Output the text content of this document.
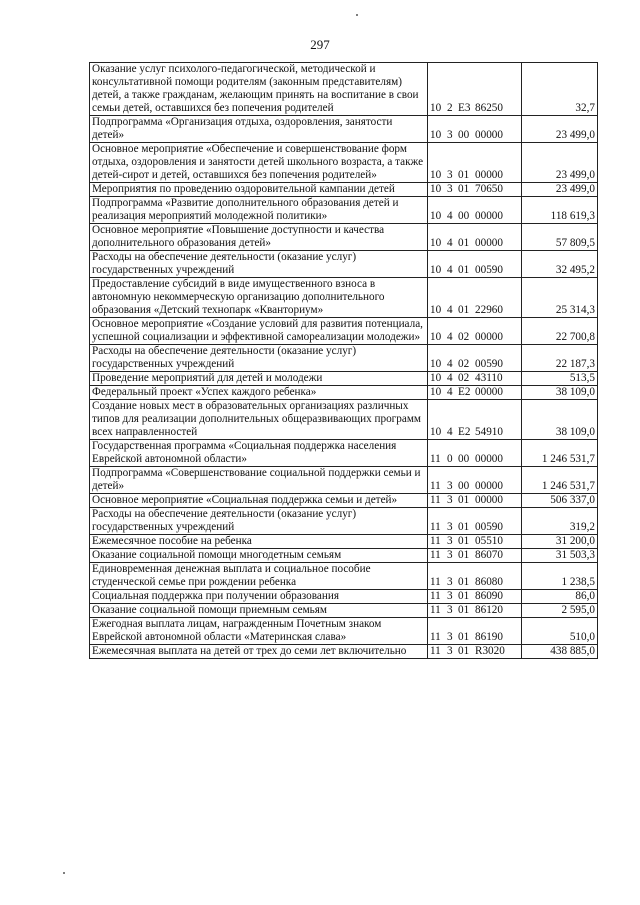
297
Оказание услуг психолого-педагогической, методической и консультативной помощи родителям (законным представителям) детей, а также гражданам, желающим принять на воспитание в свои семьи детей, оставшихся без попечения родителей	10 2 Е3 86250	32,7
Подпрограмма «Организация отдыха, оздоровления, занятости детей»	10 3 00 00000	23 499,0
Основное мероприятие «Обеспечение и совершенствование форм отдыха, оздоровления и занятости детей школьного возраста, а также детей-сирот и детей, оставшихся без попечения родителей»	10 3 01 00000	23 499,0
Мероприятия по проведению оздоровительной кампании детей	10 3 01 70650	23 499,0
Подпрограмма «Развитие дополнительного образования детей и реализация мероприятий молодежной политики»	10 4 00 00000	118 619,3
Основное мероприятие «Повышение доступности и качества дополнительного образования детей»	10 4 01 00000	57 809,5
Расходы на обеспечение деятельности (оказание услуг) государственных учреждений	10 4 01 00590	32 495,2
Предоставление субсидий в виде имущественного взноса в автономную некоммерческую организацию дополнительного образования «Детский технопарк «Кванториум»	10 4 01 22960	25 314,3
Основное мероприятие «Создание условий для развития потенциала, успешной социализации и эффективной самореализации молодежи»	10 4 02 00000	22 700,8
Расходы на обеспечение деятельности (оказание услуг) государственных учреждений	10 4 02 00590	22 187,3
Проведение мероприятий для детей и молодежи	10 4 02 43110	513,5
Федеральный проект «Успех каждого ребенка»	10 4 Е2 00000	38 109,0
Создание новых мест в образовательных организациях различных типов для реализации дополнительных общеразвивающих программ всех направленностей	10 4 Е2 54910	38 109,0
Государственная программа «Социальная поддержка населения Еврейской автономной области»	11 0 00 00000	1 246 531,7
Подпрограмма «Совершенствование социальной поддержки семьи и детей»	11 3 00 00000	1 246 531,7
Основное мероприятие «Социальная поддержка семьи и детей»	11 3 01 00000	506 337,0
Расходы на обеспечение деятельности (оказание услуг) государственных учреждений	11 3 01 00590	319,2
Ежемесячное пособие на ребенка	11 3 01 05510	31 200,0
Оказание социальной помощи многодетным семьям	11 3 01 86070	31 503,3
Единовременная денежная выплата и социальное пособие студенческой семье при рождении ребенка	11 3 01 86080	1 238,5
Социальная поддержка при получении образования	11 3 01 86090	86,0
Оказание социальной помощи приемным семьям	11 3 01 86120	2 595,0
Ежегодная выплата лицам, награжденным Почетным знаком Еврейской автономной области «Материнская слава»	11 3 01 86190	510,0
Ежемесячная выплата на детей от трех до семи лет включительно	11 3 01 R3020	438 885,0
